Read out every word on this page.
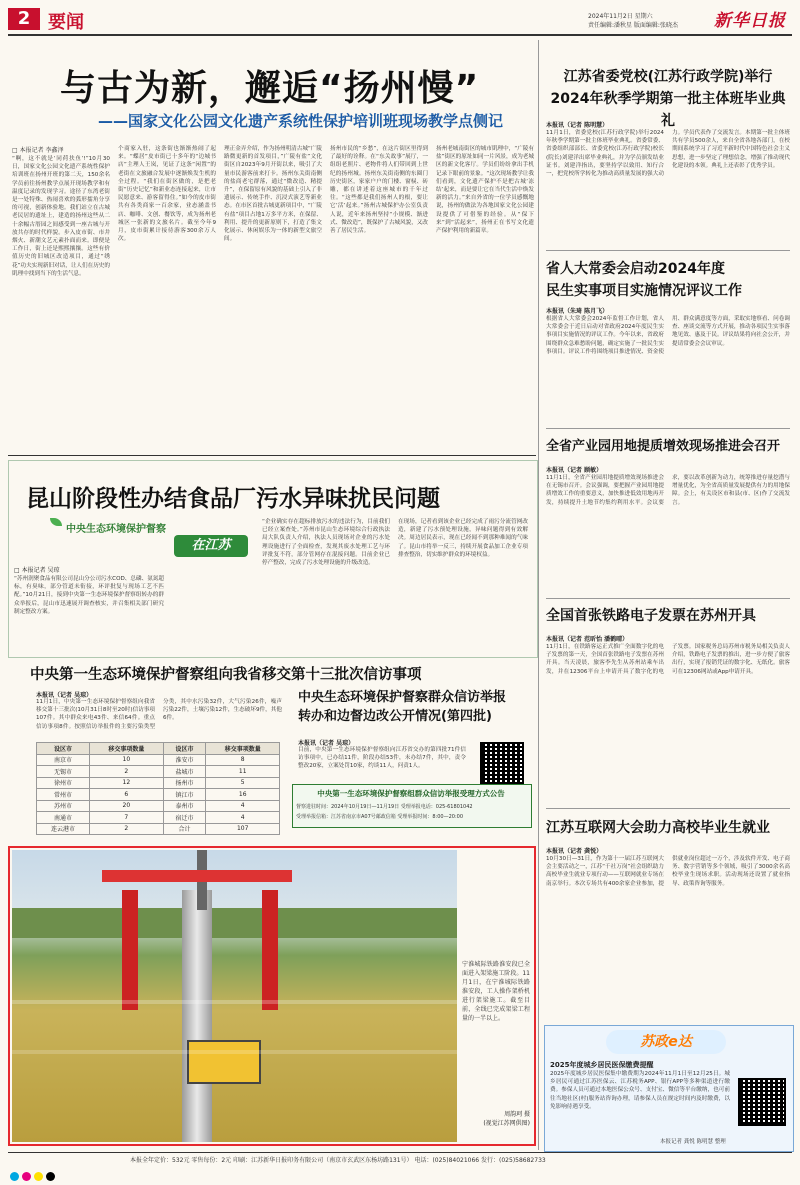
2 要闻	2024年11月2日 星期六
责任编辑:潘秋星 版面编辑:张晓杰 新华日报
与古为新，邂逅“扬州慢”
——国家文化公园文化遗产系统性保护培训班现场教学点侧记
□ 本报记者 李鑫泽
“啊，这不就是‘同荷扶鱼’!”10月30日，国家文化公园文化遗产系统性保护培训班在扬州开班的第二天，150余名学员前往扬州教学点展开现场教学和有温度记录的发现学习。途径了东湾老街是一处特殊、热闹喜欢的弧形擂角分享的可视，创新体验地。我们站立在古城老民居的遗址上，建造的扬州这些从二十余幅古厝园之间感受到一座古城与开放共存的时代样貌。步入皮市街、市井烟火、新潮文艺元素扑面而来。即便是工作日，街上还是熙熙攘攘。这些有价值历史的旧城区改造项目，通过“绣花”功夫实现新旧对话，让人们在历史的肌理中找到当下的生活气息。
个商家入驻，这条街也渐渐热闹了起来。“蝶居”皮市街已十多年的“边城书店”主理人王岚，见证了这条“闲置”的老街在文旅融合发展中逐渐焕发生机的全过程。“我们在街区做的，是把老街“历史记忆”和新业态连接起来，让市民愿意来、游客留得住。”如今的皮市街共有各类商家一百余家，业态涵盖书店、咖啡、文创、餐饮等，成为扬州老城区一张新的文旅名片。截至今年9月，皮市街累计接待游客300余万人次。
理正金弄介绍，作为扬州明清古城“广陵路微更新的首发项目，”广陵有盐”文化街区自2023年9月开街以来，吸引了大量市民游客前来打卡。扬州东关街南侧的盐商老宅群落，通过“微改造、精提升”，在保留原有风貌的基础上引入了非遗展示、传统手作、沉浸式演艺等新业态。在市区首批古城更新项目中，“广陵有盐”项目占地1万多平方米，在保留、利用、提升的更新原则下，打造了集文化展示、休闲娱乐为一体的新型文旅空间。
扬州市民的“乡愁”，在这片街区里得到了最好的诠释。在“东关故事”展厅，一组组老照片、老物件将人们带回到上世纪的扬州城。扬州东关街南侧的东圈门历史街区，家家户户的门楼、窗棂、砖雕，都在讲述着这座城市的千年过往。“这些都是我们扬州人的根，要让它‘活’起来。”扬州古城保护办公室负责人说，近年来扬州坚持“小规模、渐进式、微改造”，既保护了古城风貌，又改善了居民生活。
扬州老城南街区的城市肌理中，“广陵有盐”街区的原址如同一片风景，成为老城区的新文化客厅。学员们纷纷拿出手机记录下眼前的景象。“这次现场教学让我们看到，文化遗产保护不是把古城‘冻结’起来，而是要让它在当代生活中焕发新的活力。”来自外省的一位学员感慨地说，扬州的做法为各地国家文化公园建设提供了可借鉴的经验。从“保下来”到“活起来”，扬州正在书写文化遗产保护利用的新篇章。
江苏省委党校(江苏行政学院)举行
2024年秋季学期第一批主体班毕业典礼
本报讯（记者 陈明慧）
11月1日，省委党校(江苏行政学院)举行2024年秋季学期第一批主体班毕业典礼。省委常委、省委组织部部长、省委党校(江苏行政学院)校长(院长)刘建洋出席毕业典礼，并为学员颁发结业证书。刘建洋指出，要坚持学以致用、知行合一，把党校所学转化为推动高质量发展的强大动力。学员代表作了交流发言。本期第一批主体班共有学员500余人，来自全省各地各部门，在校期间系统学习了习近平新时代中国特色社会主义思想，进一步坚定了理想信念，增强了推动现代化建设的本领。典礼上还表彰了优秀学员。
省人大常委会启动2024年度
民生实事项目实施情况评议工作
本报讯（朱琦 陈月飞）
根据省人大常委会2024年监督工作计划，省人大常委会于近日启动对省政府2024年度民生实事项目实施情况的评议工作。今年以来，省政府围绕群众急难愁盼问题，确定实施了一批民生实事项目。评议工作将围绕项目推进情况、资金使用、群众满意度等方面，采取实地察看、问卷调查、座谈交流等方式开展，推动各项民生实事落地见效、惠及于民。评议结果将向社会公开，并提请常委会会议审议。
全省产业园用地提质增效现场推进会召开
本报讯（记者 顾敏）
11月1日，全省产业园用地提质增效现场推进会在无锡市召开。会议强调，要把握产业园用地提质增效工作的重要意义，加快推进低效用地再开发，持续提升土地节约集约利用水平。会议要求，要以改革创新为动力，统筹推进存量挖潜与增量优化，为全省高质量发展提供有力的用地保障。会上，有关设区市和县(市、区)作了交流发言。
全国首张铁路电子发票在苏州开具
本报讯（记者 范昕怡 潘鹤晴）
11月1日，在铁路客运正式推广全面数字化的电子发票的第一天，全国首张铁路电子发票在苏州开具。当天凌晨，旅客李先生从苏州站乘车出发，并在12306平台上申请开具了数字化的电子发票。国家税务总局苏州市税务局相关负责人介绍，铁路电子发票的推出，进一步方便了旅客出行，实现了报销凭证的数字化、无纸化。旅客可在12306网站或App申请开具。
江苏互联网大会助力高校毕业生就业
本报讯（记者 龚悦）
10月30日—31日，作为第十一届江苏互联网大会主要活动之一，江苏“千社万岗”社会组织助力高校毕业生就业专项行动——互联网就业专场在南京举行。本次专场共有400余家企业参加，提供就业岗位超过一万个，涉及软件开发、电子商务、数字营销等多个领域，吸引了3000余名高校毕业生现场求职。活动现场还设置了就业指导、政策咨询等服务。
苏政e达
2025年度城乡居民医保缴费提醒
2025年度城乡居民医保集中缴费期为2024年11月1日至12月25日。城乡居民可通过江苏医保云、江苏税务APP、银行APP等多种渠道进行缴费。参保人员可通过本地医保公众号、支付宝、微信等平台缴纳，也可前往当地社区(村)服务站咨询办理，请参保人员在规定时间内及时缴费，以免影响待遇享受。
本报记者 龚悦 陈明慧 整理
昆山阶段性办结食品厂污水异味扰民问题
中央生态环境保护督察
在江苏
□ 本报记者 吴琼
“苏州润聚食品有限公司昆山分公司污水COD、总磷、氨氮超标，有臭味，部分管道未衔接，环评批复与现场工艺不匹配。”10月21日，接到中央第一生态环境保护督察组转办的群众举报后，昆山市迅速展开调查核实，并召集相关部门研究制定整改方案。
“企业确实存在超标排放污水的违法行为，目前我们已经立案查处。”苏州市昆山生态环境综合行政执法局大队负责人介绍，执法人员现场对企业的污水处理设施进行了全面检查，发现其废水处理工艺与环评批复不符，部分管网存在混接问题。目前企业已停产整改，完成了污水处理设施的升级改造。
在现场，记者看到该企业已经完成了雨污分流管网改造，新建了污水预处理设施，异味问题得到有效解决。周边居民表示，现在已经闻不到那种难闻的气味了。昆山市将举一反三，持续开展食品加工企业专项排查整治，切实维护群众的环境权益。
中央第一生态环境保护督察组向我省移交第十三批次信访事项
本报讯（记者 吴琼）
11月1日，中央第一生态环境保护督察组向我省移交第十三批次(10月31日8时至20时)信访事项107件。其中群众来电43件、来信64件。重点信访事项8件。按照信访举报件的主要污染类型分类，其中水污染32件，大气污染26件，噪声污染22件，土壤污染12件，生态破坏9件，其他6件。
设区市	移交事项数量	设区市	移交事项数量
南京市	10	淮安市	8
无锡市	2	盐城市	11
徐州市	12	扬州市	5
常州市	6	镇江市	16
苏州市	20	泰州市	4
南通市	7	宿迁市	4
连云港市	2	合计	107
中央生态环境保护督察群众信访举报
转办和边督边改公开情况(第四批)
本报讯（记者 吴琼）
目前，中央第一生态环境保护督察组向江苏省交办的第四批71件信访事项中，已办结11件，阶段办结53件，未办结7件，其中，责令整改20家，立案处罚10家，约谈11人，问责1人。
中央第一生态环境保护督察组群众信访举报受理方式公告
督察进驻时间：2024年10月19日—11月19日 受理举报电话：025-61801042
受理举报信箱：江苏省南京市A07号邮政信箱 受理举报时间：8:00—20:00
宁淮城际铁路淮安段已全面进入架梁施工阶段。11月1日，在宁淮城际铁路淮安段，工人操作架桥机进行架梁施工。截至目前，全线已完成架梁工程量的一半以上。
周韵珂 摄
(视觉江苏网供图)
本报全年定价：532元 零售每份：2元 印刷：江苏新华日报印务有限公司（南京市玄武区东杨坊路131号） 电话：(025)84021066 发行：(025)58682733
